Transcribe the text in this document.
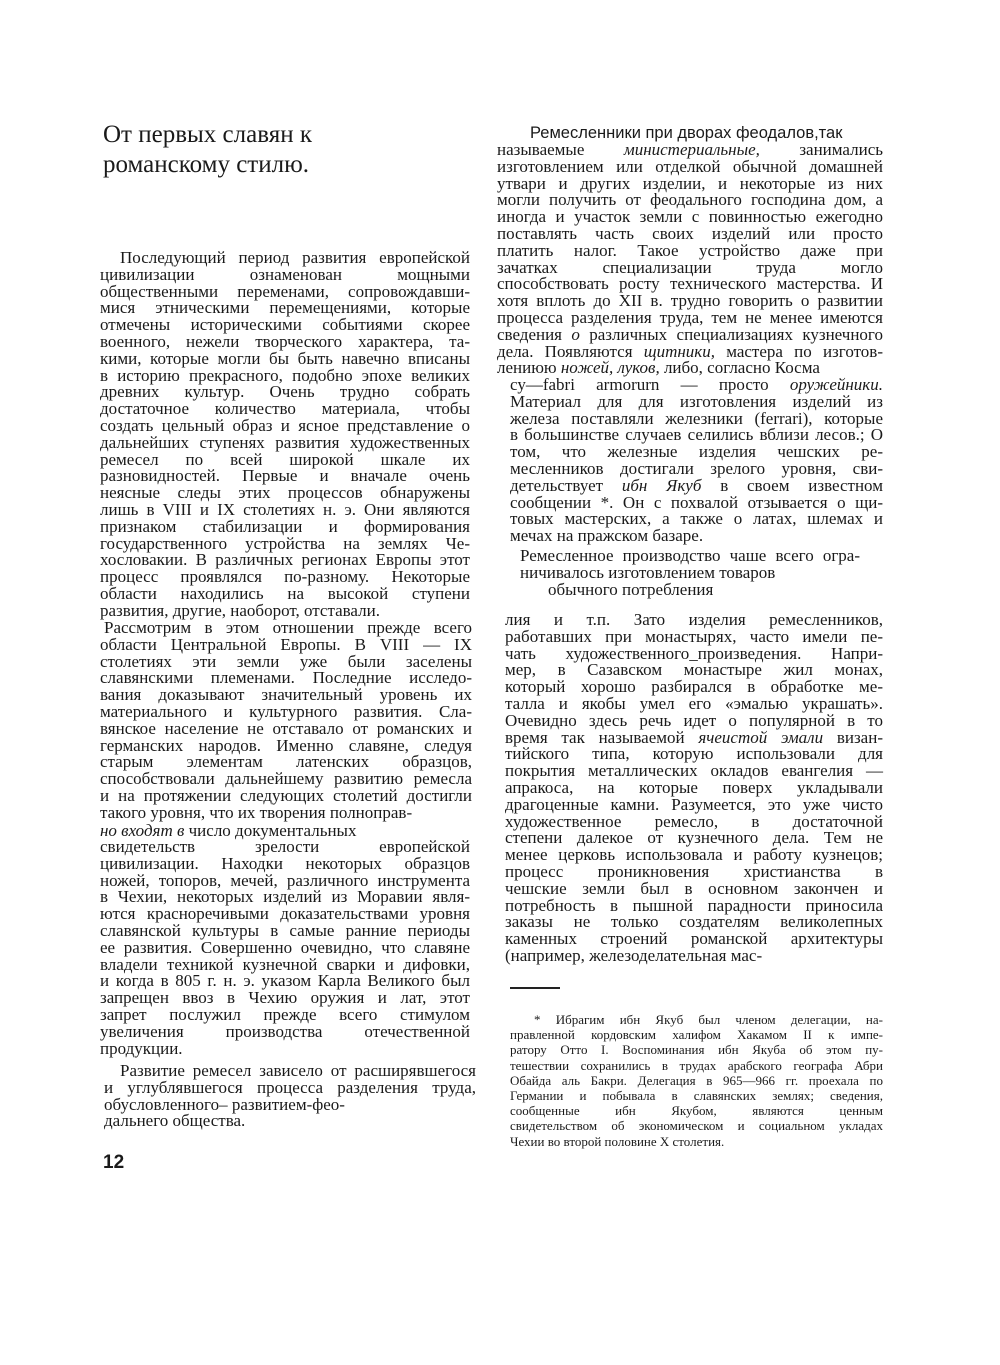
От первых славян к
романскому стилю.
Последующий период развития европейской
цивилизации ознаменован мощными
общественными переменами, сопровождавши-
мися этническими перемещениями, которые
отмечены историческими событиями скорее
военного, нежели творческого характера, та-
кими, которые могли бы быть навечно вписаны
в историю прекрасного, подобно эпохе великих
древних культур. Очень трудно собрать
достаточное количество материала, чтобы
создать цельный образ и ясное представление о
дальнейших ступенях развития художественных
ремесел по всей широкой шкале их
разновидностей. Первые и вначале очень
неясные следы этих процессов обнаружены
лишь в VIII и IX столетиях н. э. Они являются
признаком стабилизации и формирования
государственного устройства на землях Че-
хословакии. В различных регионах Европы этот
процесс проявлялся по-разному. Некоторые
области находились на высокой ступени
развития, другие, наоборот, отставали.
Рассмотрим в этом отношении прежде всего
области Центральной Европы. В VIII — IX
столетиях эти земли уже были заселены
славянскими племенами. Последние исследо-
вания доказывают значительный уровень их
материального и культурного развития. Сла-
вянское население не отставало от романских и
германских народов. Именно славяне, следуя
старым элементам латенских образцов,
способствовали дальнейшему развитию ремесла
и на протяжении следующих столетий достигли
такого уровня, что их творения полноправ-
но входят в число документальных
свидетельств зрелости европейской
цивилизации. Находки некоторых образцов
ножей, топоров, мечей, различного инструмента
в Чехии, некоторых изделий из Моравии явля-
ются красноречивыми доказательствами уровня
славянской культуры в самые ранние периоды
ее развития. Совершенно очевидно, что славяне
владели техникой кузнечной сварки и дифовки,
и когда в 805 г. н. э. указом Карла Великого был
запрещен ввоз в Чехию оружия и лат, этот
запрет послужил прежде всего стимулом
увеличения производства отечественной
продукции.
Развитие ремесел зависело от расширявшегося
и углублявшегося процесса разделения труда,
обусловленного– развитием-фео-
дальнего общества.
12
Ремесленники при дворах феодалов,так
называемые министериальные, занимались
изготовлением или отделкой обычной домашней
утвари и других изделии, и некоторые из них
могли получить от феодального господина дом, а
иногда и участок земли с повинностью ежегодно
поставлять часть своих изделий или просто
платить налог. Такое устройство даже при
зачатках специализации труда могло
способствовать росту технического мастерства. И
хотя вплоть до XII в. трудно говорить о развитии
процесса разделения труда, тем не менее имеются
сведения о различных специализациях кузнечного
дела. Появляются щитники, мастера по изготов-
лениюю ножей, луков, либо, согласно Косма
су—fabri armorurn — просто оружейники.
Материал для для изготовления изделий из
железа поставляли железники (ferrari), которые
в большинстве случаев селились вблизи лесов.; О
том, что железные изделия чешских ре-
месленников достигали зрелого уровня, сви-
детельствует ибн Якуб в своем известном
сообщении *. Он с похвалой отзывается о щи-
товых мастерских, а также о латах, шлемах и
мечах на пражском базаре.
Ремесленное производство чаше всего огра-
ничивалось изготовлением товаров
обычного потребления
лия и т.п. Зато изделия ремесленников,
работавших при монастырях, часто имели пе-
чать художественного_произведения. Напри-
мер, в Сазавском монастыре жил монах,
который хорошо разбирался в обработке ме-
талла и якобы умел его «эмалью украшать».
Очевидно здесь речь идет о популярной в то
время так называемой ячеистой эмали визан-
тийского типа, которую использовали для
покрытия металлических окладов евангелия —
апракоса, на которые поверх укладывали
драгоценные камни. Разумеется, это уже чисто
художественное ремесло, в достаточной
степени далекое от кузнечного дела. Тем не
менее церковь использовала и работу кузнецов;
процесс проникновения христианства в
чешские земли был в основном закончен и
потребность в пышной парадности приносила
заказы не только создателям великолепных
каменных строений романской архитектуры
(например, железоделательная мас-
* Ибрагим ибн Якуб был членом делегации, на-
правленной кордовским халифом Хакамом II к импе-
ратору Отто I. Воспоминания ибн Якуба об этом пу-
тешествии сохранились в трудах арабского географа Абри
Обайда аль Бакри. Делегация в 965—966 гг. проехала по
Германии и побывала в славянских землях; сведения,
сообщенные ибн Якубом, являются ценным
свидетельством об экономическом и социальном укладах
Чехии во второй половине X столетия.
